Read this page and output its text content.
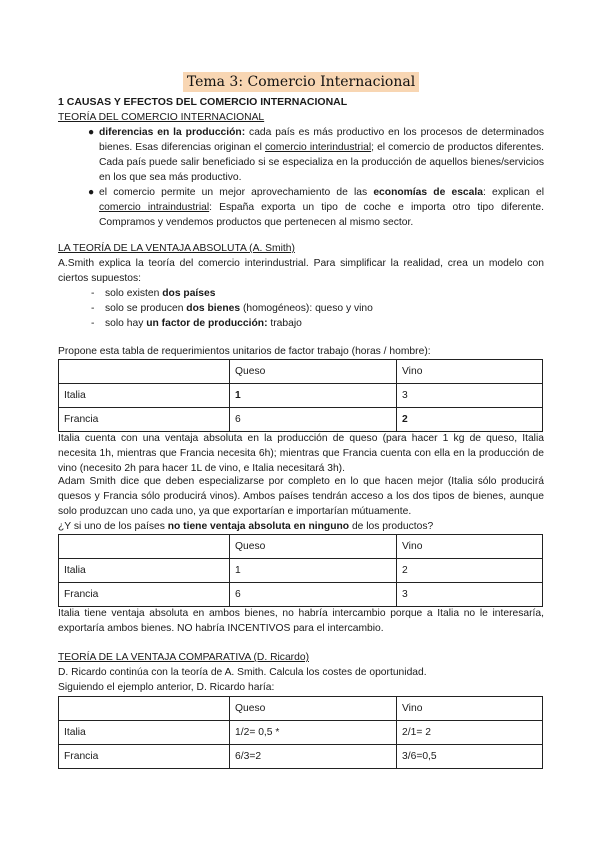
Tema 3: Comercio Internacional
1 CAUSAS Y EFECTOS DEL COMERCIO INTERNACIONAL
TEORÍA DEL COMERCIO INTERNACIONAL
● diferencias en la producción: cada país es más productivo en los procesos de determinados bienes. Esas diferencias originan el comercio interindustrial; el comercio de productos diferentes. Cada país puede salir beneficiado si se especializa en la producción de aquellos bienes/servicios en los que sea más productivo.
● el comercio permite un mejor aprovechamiento de las economías de escala: explican el comercio intraindustrial: España exporta un tipo de coche e importa otro tipo diferente. Compramos y vendemos productos que pertenecen al mismo sector.
LA TEORÍA DE LA VENTAJA ABSOLUTA (A. Smith)
A.Smith explica la teoría del comercio interindustrial. Para simplificar la realidad, crea un modelo con ciertos supuestos:
- solo existen dos países
- solo se producen dos bienes (homogéneos): queso y vino
- solo hay un factor de producción: trabajo
Propone esta tabla de requerimientos unitarios de factor trabajo (horas / hombre):
	Queso	Vino
Italia	1	3
Francia	6	2
Italia cuenta con una ventaja absoluta en la producción de queso (para hacer 1 kg de queso, Italia necesita 1h, mientras que Francia necesita 6h); mientras que Francia cuenta con ella en la producción de vino (necesito 2h para hacer 1L de vino, e Italia necesitará 3h).
Adam Smith dice que deben especializarse por completo en lo que hacen mejor (Italia sólo producirá quesos y Francia sólo producirá vinos). Ambos países tendrán acceso a los dos tipos de bienes, aunque solo produzcan uno cada uno, ya que exportarían e importarían mútuamente.
¿Y si uno de los países no tiene ventaja absoluta en ninguno de los productos?
	Queso	Vino
Italia	1	2
Francia	6	3
Italia tiene ventaja absoluta en ambos bienes, no habría intercambio porque a Italia no le interesaría, exportaría ambos bienes. NO habría INCENTIVOS para el intercambio.
TEORÍA DE LA VENTAJA COMPARATIVA (D. Ricardo)
D. Ricardo continúa con la teoría de A. Smith. Calcula los costes de oportunidad.
Siguiendo el ejemplo anterior, D. Ricardo haría:
	Queso	Vino
Italia	1/2= 0,5 *	2/1= 2
Francia	6/3=2	3/6=0,5
